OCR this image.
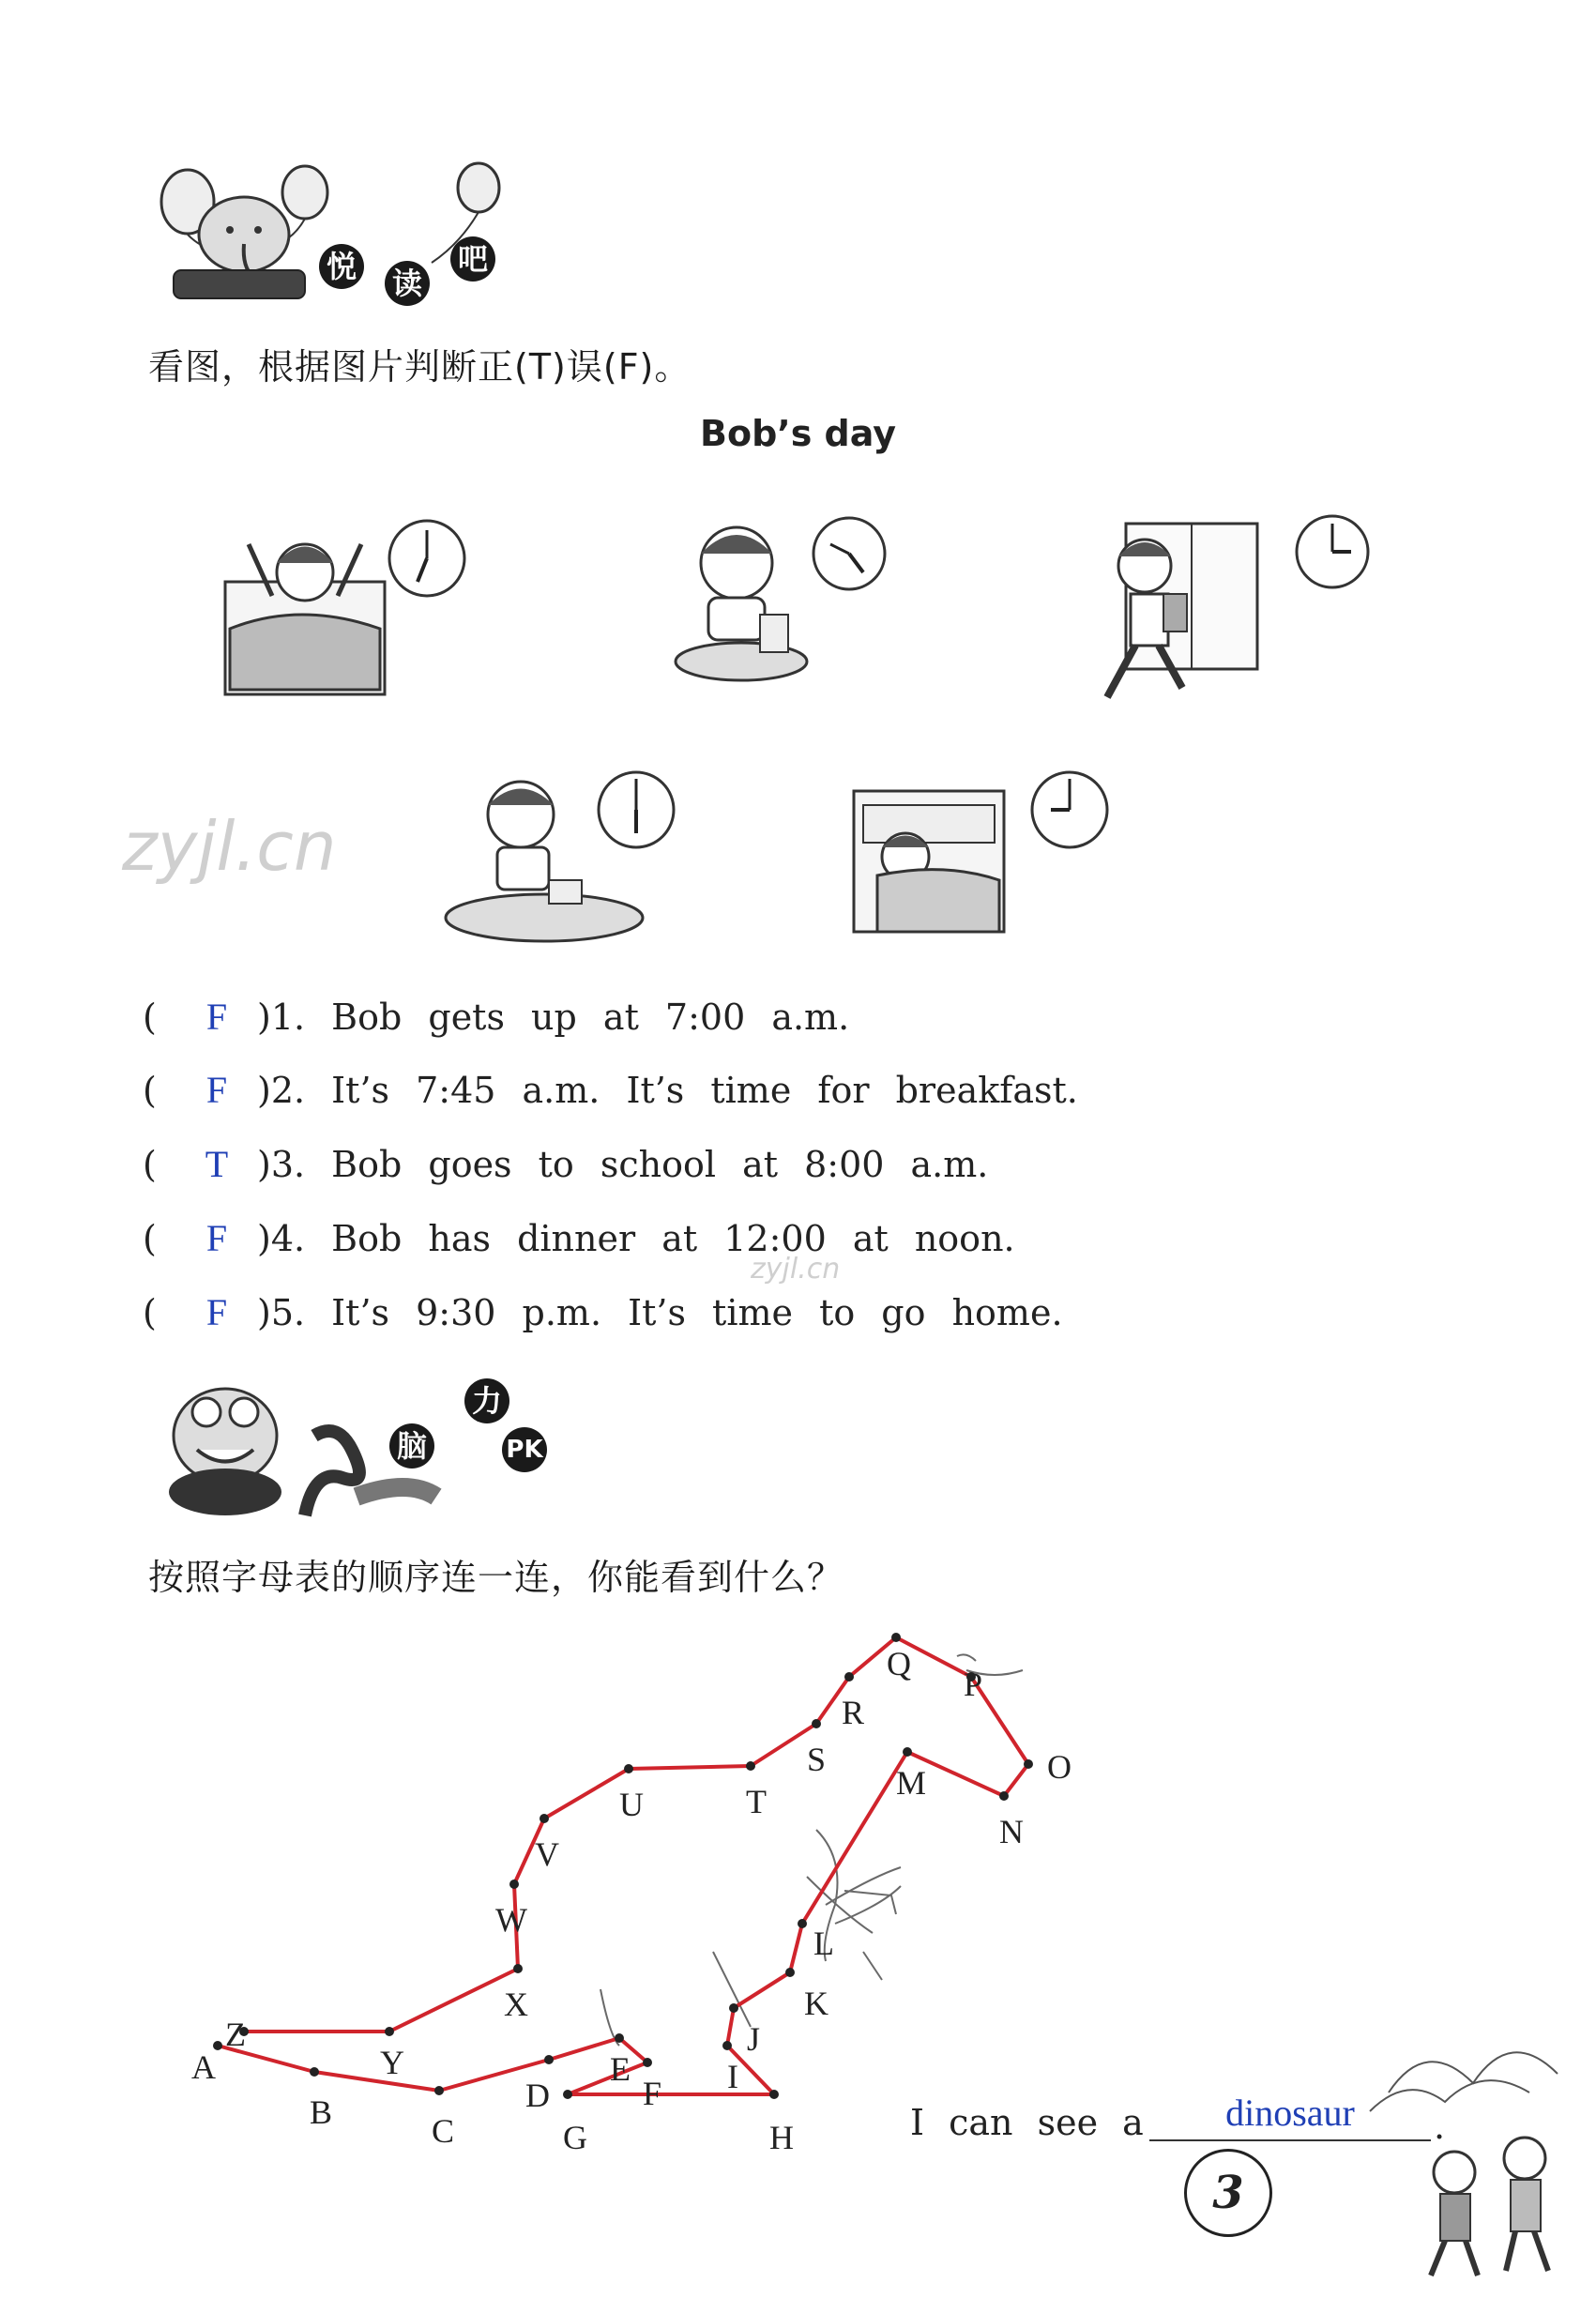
悦 读
吧
看图，根据图片判断正(T)误(F)。
Bob’s day
zyjl.cn
( F )1. Bob gets up at 7:00 a.m.
( F )2. It’s 7:45 a.m. It’s time for breakfast.
( T )3. Bob goes to school at 8:00 a.m.
( F )4. Bob has dinner at 12:00 at noon.
( F )5. It’s 9:30 p.m. It’s time to go home.
zyjl.cn
脑
力
PK
按照字母表的顺序连一连，你能看到什么？
A
B	C
D
E
F
G	H
I
J
K
L
M
N
O
P
Q
R
S
T
U
V
W
X
Y
Z
I can see a	dinosaur	.
3
